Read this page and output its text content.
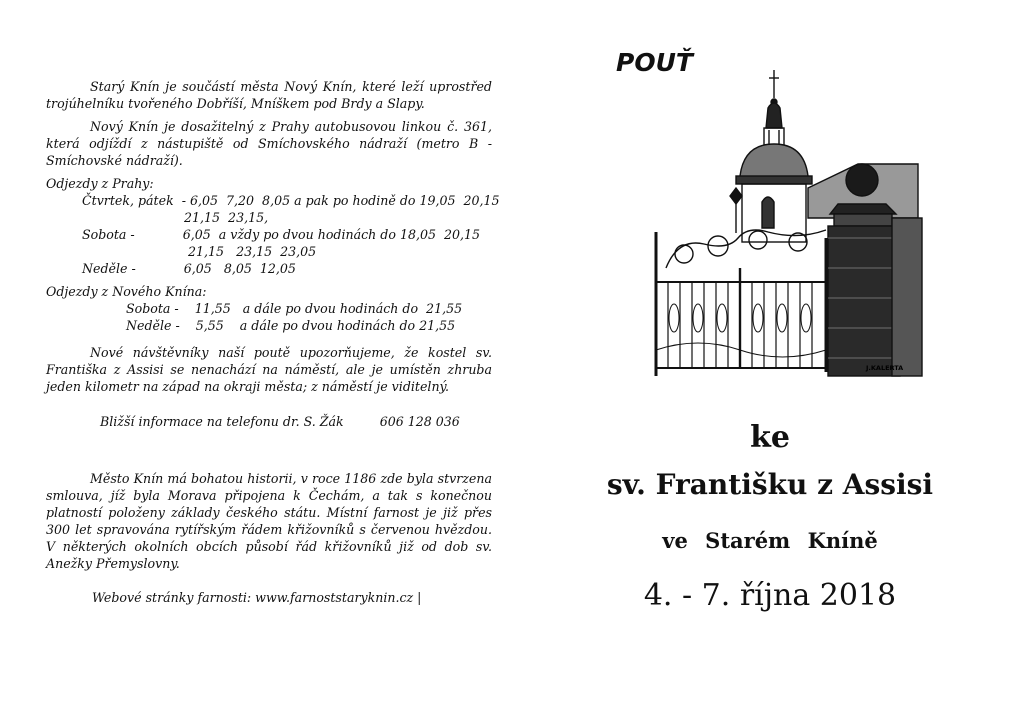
Starý Knín je součástí města Nový Knín, které leží uprostřed trojúhelníku tvořeného Dobříší, Mníškem pod Brdy a Slapy.

Nový Knín je dosažitelný z Prahy autobusovou linkou č. 361, která odjíždí z nástupiště od Smíchovského nádraží (metro B - Smíchovské nádraží).

Odjezdy z Prahy:

Čtvrtek, pátek  - 6,05  7,20  8,05 a pak po hodině do 19,05  20,15

21,15  23,15,

Sobota -            6,05  a vždy po dvou hodinách do 18,05  20,15

21,15   23,15  23,05

Neděle -            6,05   8,05  12,05

Odjezdy z Nového Knína:

Sobota -    11,55   a dále po dvou hodinách do  21,55

Neděle -    5,55    a dále po dvou hodinách do 21,55

Nové návštěvníky naší poutě upozorňujeme, že kostel sv. Františka z Assisi se nenachází na náměstí, ale je umístěn zhruba jeden kilometr na západ na okraji města; z náměstí je viditelný.

Bližší informace na telefonu dr. S. Žák	606 128 036

Město Knín má bohatou historii, v roce 1186 zde byla stvrzena smlouva, jíž byla Morava připojena k Čechám, a tak s konečnou platností položeny základy českého státu. Místní farnost je již přes 300 let spravována rytířským řádem křižovníků s červenou hvězdou. V některých okolních obcích působí řád křižovníků již od dob sv. Anežky Přemyslovny.

Webové stránky farnosti: www.farnoststaryknin.cz |

POUŤ
J.KALERTA
ke
sv. Františku z Assisi
ve Starém Kníně
4. - 7. října 2018
